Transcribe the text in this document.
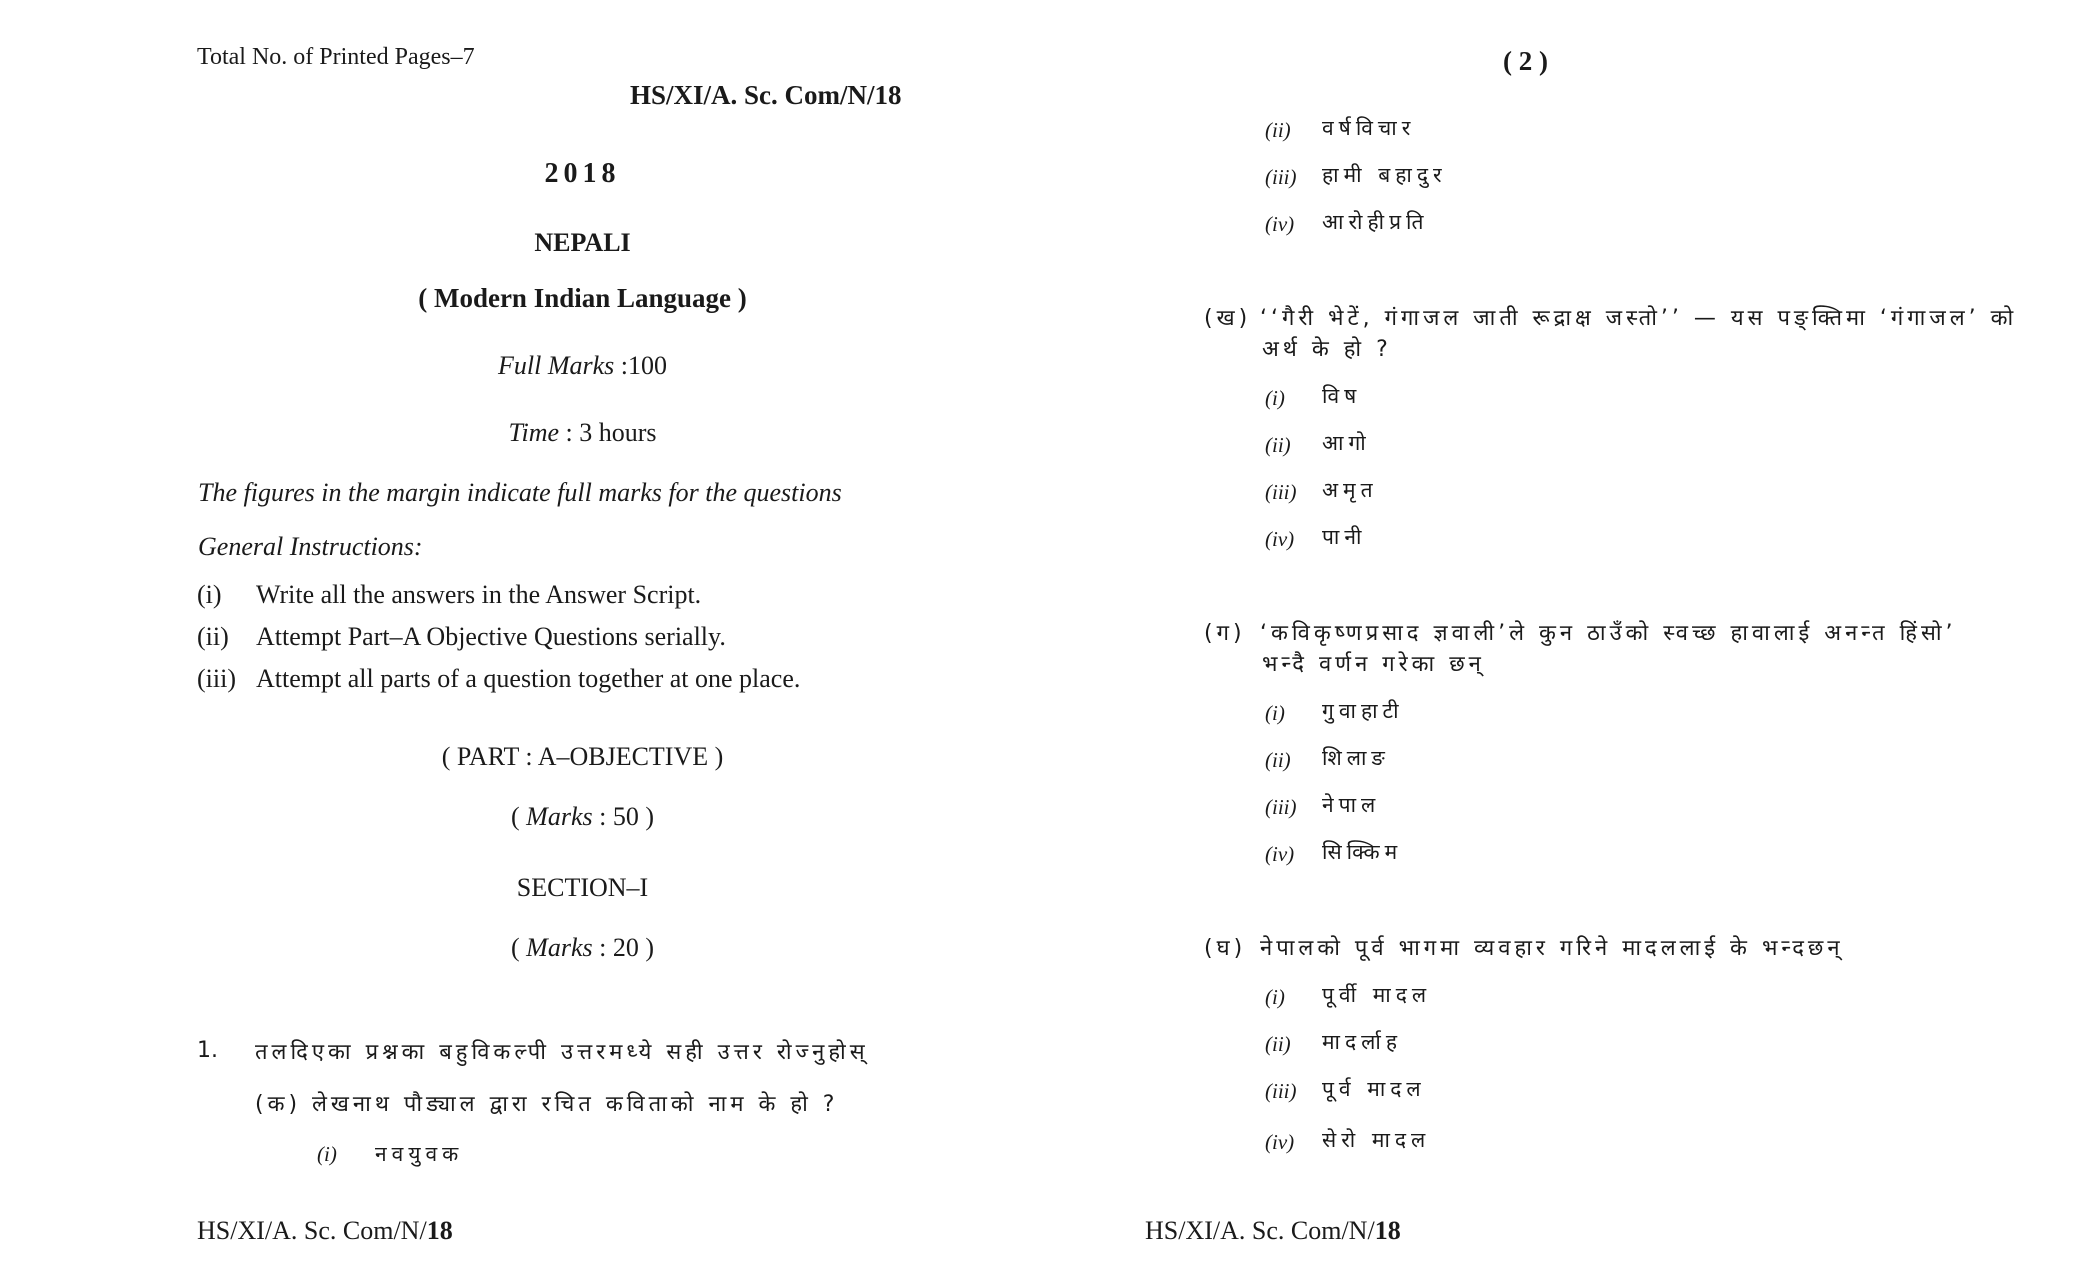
Total No. of Printed Pages–7
HS/XI/A. Sc. Com/N/18
2018
NEPALI
( Modern Indian Language )
Full Marks :100
Time : 3 hours
The figures in the margin indicate full marks for the questions
General Instructions:
(i) Write all the answers in the Answer Script.
(ii) Attempt Part–A Objective Questions serially.
(iii) Attempt all parts of a question together at one place.
( PART : A–OBJECTIVE )
( Marks : 50 )
SECTION–I
( Marks : 20 )
1. तलदिएका प्रश्नका बहुविकल्पी उत्तरमध्ये सही उत्तर रोज्नुहोस्
(क) लेखनाथ पौड्याल द्वारा रचित कविताको नाम के हो ?
(i) नवयुवक
HS/XI/A. Sc. Com/N/18
( 2 )
(ii) वर्षविचार
(iii) हामी बहादुर
(iv) आरोहीप्रति
(ख) ‘‘गैरी भेटें, गंगाजल जाती रूद्राक्ष जस्तो’’ — यस पङ्क्तिमा ‘गंगाजल’ को
अर्थ के हो ?
(i) विष
(ii) आगो
(iii) अमृत
(iv) पानी
(ग) ‘कविकृष्णप्रसाद ज्ञवाली’ले कुन ठाउँको स्वच्छ हावालाई अनन्त हिंसो’
भन्दै वर्णन गरेका छन्
(i) गुवाहाटी
(ii) शिलाङ
(iii) नेपाल
(iv) सिक्किम
(घ) नेपालको पूर्व भागमा व्यवहार गरिने मादललाई के भन्दछन्
(i) पूर्वी मादल
(ii) मादर्लाह
(iii) पूर्व मादल
(iv) सेरो मादल
HS/XI/A. Sc. Com/N/18
